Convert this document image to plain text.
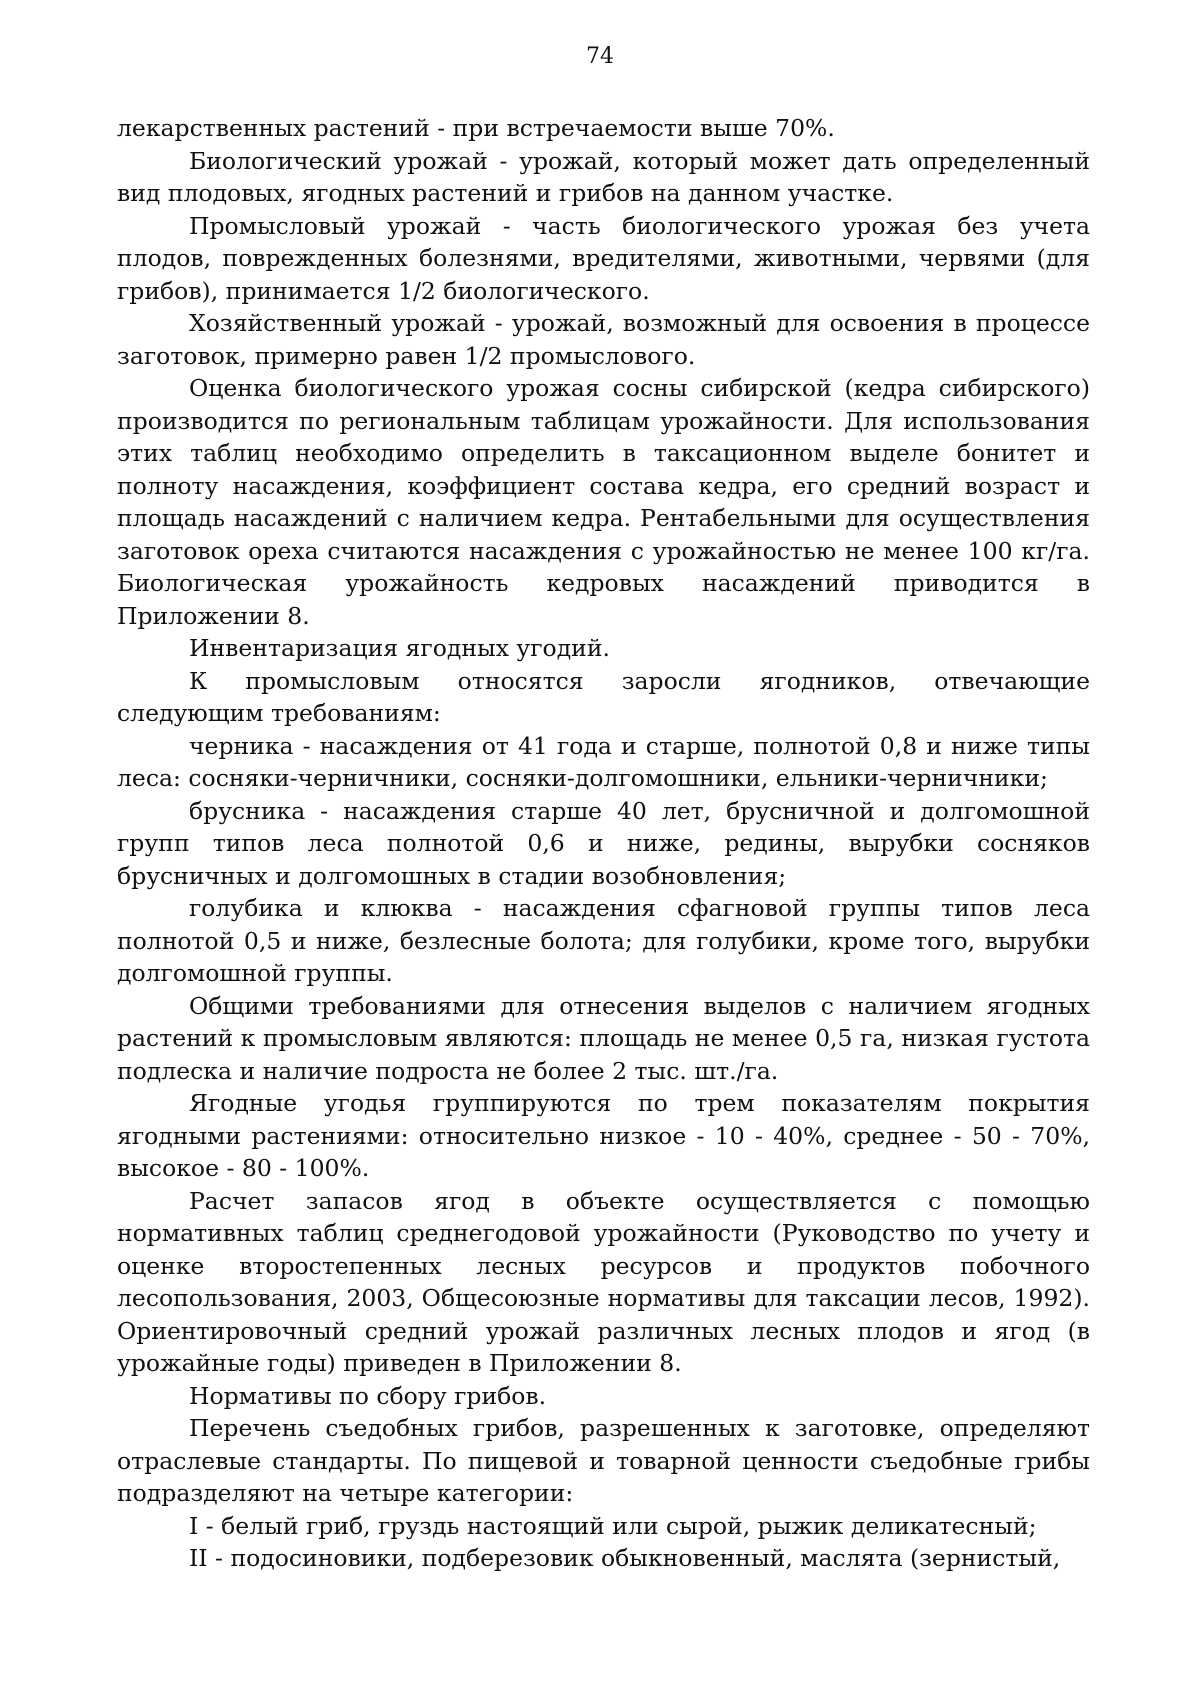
74

лекарственных растений - при встречаемости выше 70%.

Биологический урожай - урожай, который может дать определенный вид плодовых, ягодных растений и грибов на данном участке.

Промысловый урожай - часть биологического урожая без учета плодов, поврежденных болезнями, вредителями, животными, червями (для грибов), принимается 1/2 биологического.

Хозяйственный урожай - урожай, возможный для освоения в процессе заготовок, примерно равен 1/2 промыслового.

Оценка биологического урожая сосны сибирской (кедра сибирского) производится по региональным таблицам урожайности. Для использования этих таблиц необходимо определить в таксационном выделе бонитет и полноту насаждения, коэффициент состава кедра, его средний возраст и площадь насаждений с наличием кедра. Рентабельными для осуществления заготовок ореха считаются насаждения с урожайностью не менее 100 кг/га. Биологическая урожайность кедровых насаждений приводится в Приложении 8.

Инвентаризация ягодных угодий.

К промысловым относятся заросли ягодников, отвечающие следующим требованиям:

черника - насаждения от 41 года и старше, полнотой 0,8 и ниже типы леса: сосняки-черничники, сосняки-долгомошники, ельники-черничники;

брусника - насаждения старше 40 лет, брусничной и долгомошной групп типов леса полнотой 0,6 и ниже, редины, вырубки сосняков брусничных и долгомошных в стадии возобновления;

голубика и клюква - насаждения сфагновой группы типов леса полнотой 0,5 и ниже, безлесные болота; для голубики, кроме того, вырубки долгомошной группы.

Общими требованиями для отнесения выделов с наличием ягодных растений к промысловым являются: площадь не менее 0,5 га, низкая густота подлеска и наличие подроста не более 2 тыс. шт./га.

Ягодные угодья группируются по трем показателям покрытия ягодными растениями: относительно низкое - 10 - 40%, среднее - 50 - 70%, высокое - 80 - 100%.

Расчет запасов ягод в объекте осуществляется с помощью нормативных таблиц среднегодовой урожайности (Руководство по учету и оценке второстепенных лесных ресурсов и продуктов побочного лесопользования, 2003, Общесоюзные нормативы для таксации лесов, 1992). Ориентировочный средний урожай различных лесных плодов и ягод (в урожайные годы) приведен в Приложении 8.

Нормативы по сбору грибов.

Перечень съедобных грибов, разрешенных к заготовке, определяют отраслевые стандарты. По пищевой и товарной ценности съедобные грибы подразделяют на четыре категории:

I - белый гриб, груздь настоящий или сырой, рыжик деликатесный;

II - подосиновики, подберезовик обыкновенный, маслята (зернистый,
